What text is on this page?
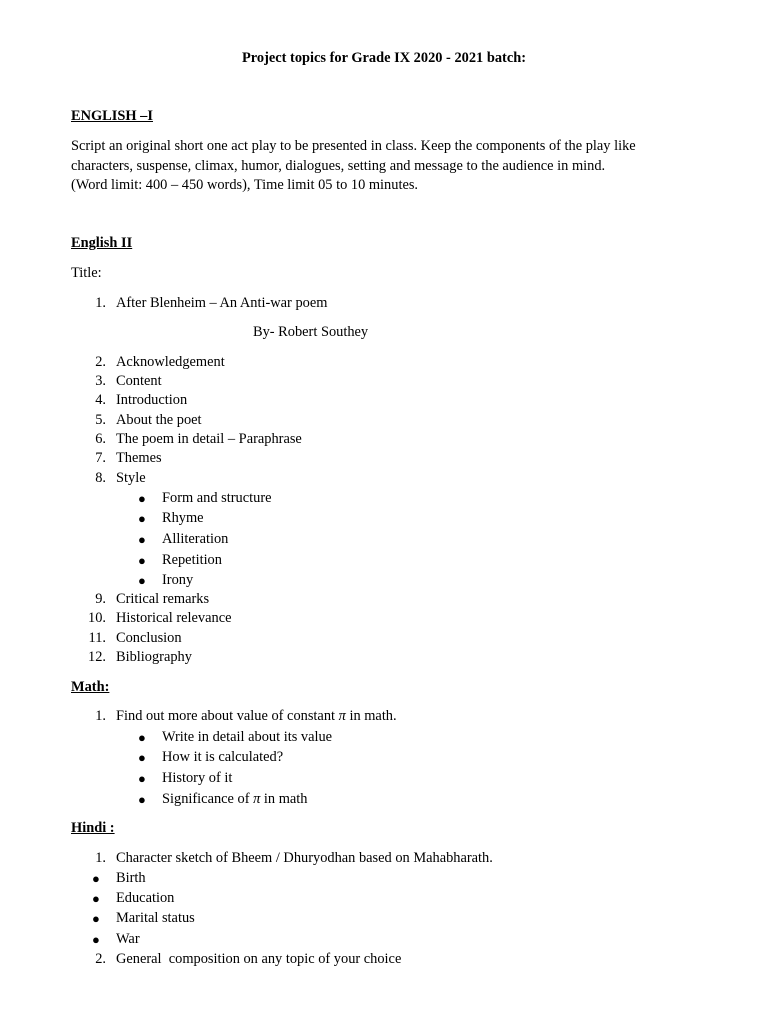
Project topics for Grade IX 2020 - 2021 batch:
ENGLISH –I
Script an original short one act play to be presented in class. Keep the components of the play like
characters, suspense, climax, humor, dialogues, setting and message to the audience in mind.
(Word limit: 400 – 450 words), Time limit 05 to 10 minutes.
English II
Title:
1. After Blenheim – An Anti-war poem
By- Robert Southey
2. Acknowledgement
3. Content
4. Introduction
5. About the poet
6. The poem in detail – Paraphrase
7. Themes
8. Style
● Form and structure
● Rhyme
● Alliteration
● Repetition
● Irony
9. Critical remarks
10. Historical relevance
11. Conclusion
12. Bibliography
Math:
1. Find out more about value of constant π in math.
● Write in detail about its value
● How it is calculated?
● History of it
● Significance of π in math
Hindi :
1. Character sketch of Bheem / Dhuryodhan based on Mahabharath.
● Birth
● Education
● Marital status
● War
2. General  composition on any topic of your choice
